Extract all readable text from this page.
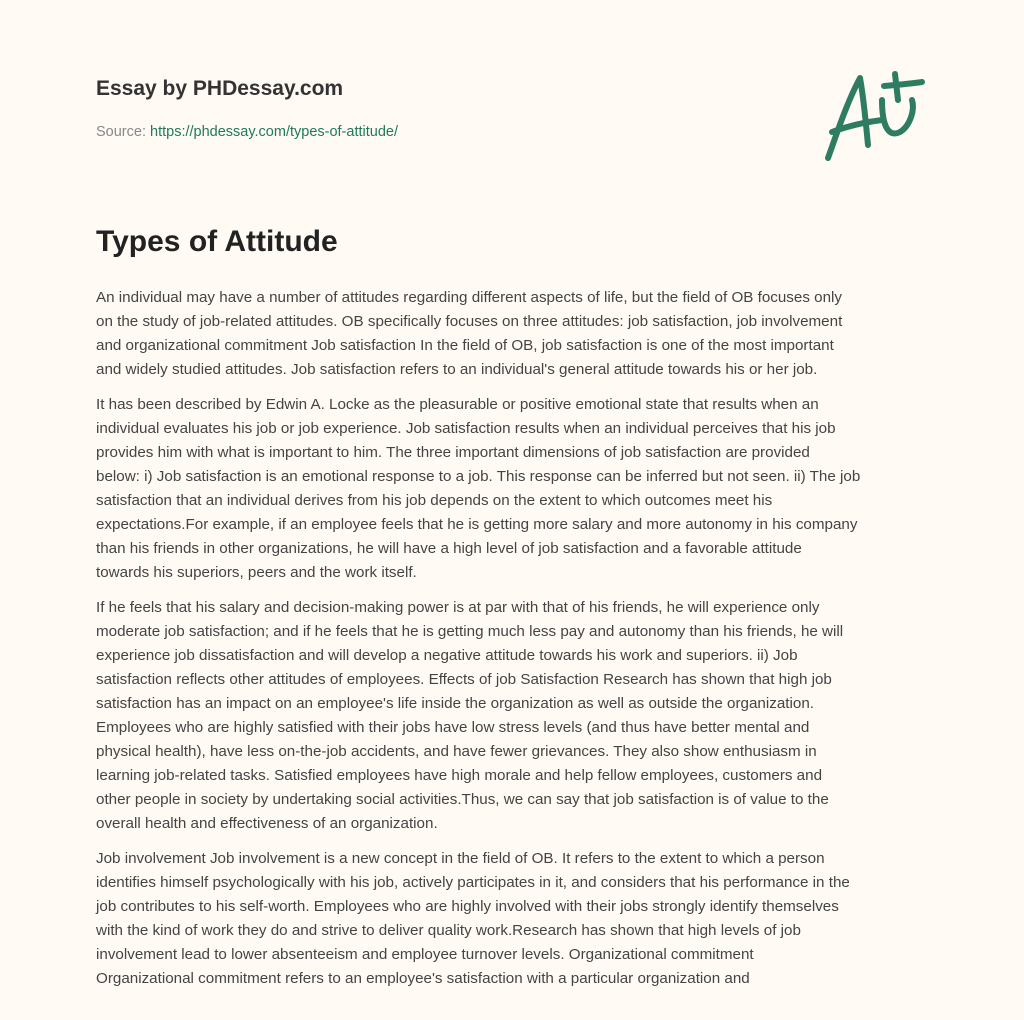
Essay by PHDessay.com
Source: https://phdessay.com/types-of-attitude/
Types of Attitude

An individual may have a number of attitudes regarding different aspects of life, but the field of OB focuses only
on the study of job-related attitudes. OB specifically focuses on three attitudes: job satisfaction, job involvement
and organizational commitment Job satisfaction In the field of OB, job satisfaction is one of the most important
and widely studied attitudes. Job satisfaction refers to an individual's general attitude towards his or her job.

It has been described by Edwin A. Locke as the pleasurable or positive emotional state that results when an
individual evaluates his job or job experience. Job satisfaction results when an individual perceives that his job
provides him with what is important to him. The three important dimensions of job satisfaction are provided
below: i) Job satisfaction is an emotional response to a job. This response can be inferred but not seen. ii) The job
satisfaction that an individual derives from his job depends on the extent to which outcomes meet his
expectations.For example, if an employee feels that he is getting more salary and more autonomy in his company
than his friends in other organizations, he will have a high level of job satisfaction and a favorable attitude
towards his superiors, peers and the work itself.

If he feels that his salary and decision-making power is at par with that of his friends, he will experience only
moderate job satisfaction; and if he feels that he is getting much less pay and autonomy than his friends, he will
experience job dissatisfaction and will develop a negative attitude towards his work and superiors. ii) Job
satisfaction reflects other attitudes of employees. Effects of job Satisfaction Research has shown that high job
satisfaction has an impact on an employee's life inside the organization as well as outside the organization.
Employees who are highly satisfied with their jobs have low stress levels (and thus have better mental and
physical health), have less on-the-job accidents, and have fewer grievances. They also show enthusiasm in
learning job-related tasks. Satisfied employees have high morale and help fellow employees, customers and
other people in society by undertaking social activities.Thus, we can say that job satisfaction is of value to the
overall health and effectiveness of an organization.

Job involvement Job involvement is a new concept in the field of OB. It refers to the extent to which a person
identifies himself psychologically with his job, actively participates in it, and considers that his performance in the
job contributes to his self-worth. Employees who are highly involved with their jobs strongly identify themselves
with the kind of work they do and strive to deliver quality work.Research has shown that high levels of job
involvement lead to lower absenteeism and employee turnover levels. Organizational commitment
Organizational commitment refers to an employee's satisfaction with a particular organization and
